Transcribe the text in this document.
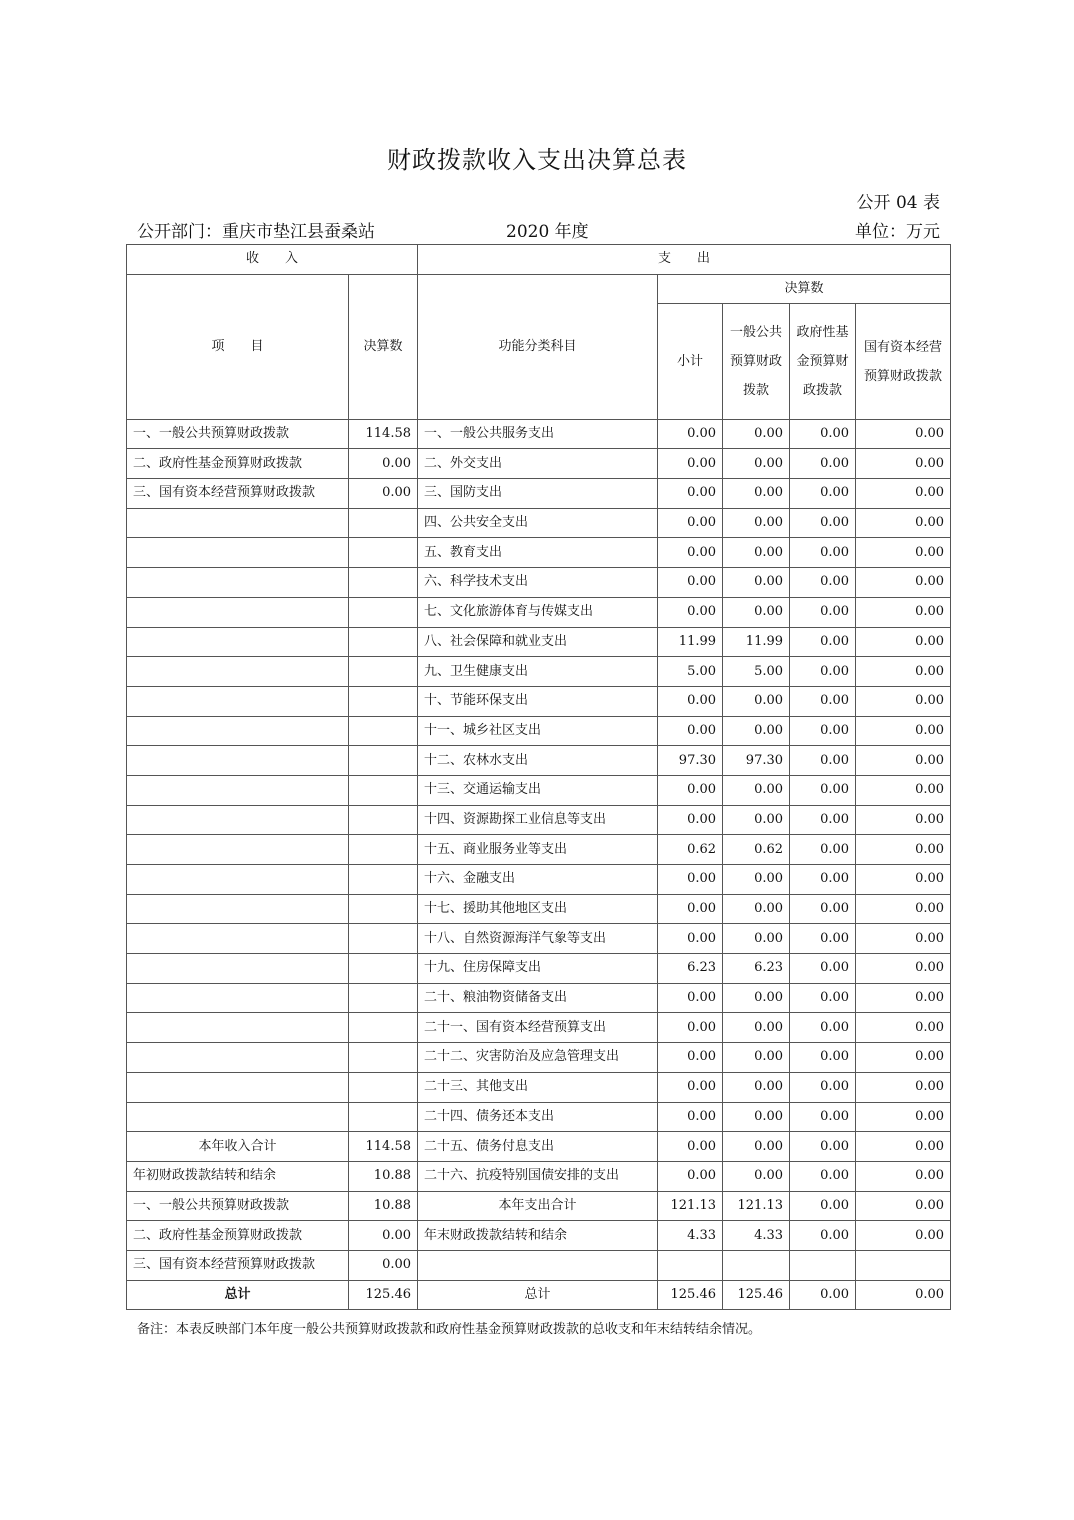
财政拨款收入支出决算总表
公开 04 表
公开部门：重庆市垫江县蚕桑站	2020 年度	单位：万元
收　　入		支　　出				
项　　目	决算数	功能分类科目	决算数			
			小计	一般公共预算财政拨款	政府性基金预算财政拨款	国有资本经营预算财政拨款
一、一般公共预算财政拨款	114.58	一、一般公共服务支出	0.00	0.00	0.00	0.00
二、政府性基金预算财政拨款	0.00	二、外交支出	0.00	0.00	0.00	0.00
三、国有资本经营预算财政拨款	0.00	三、国防支出	0.00	0.00	0.00	0.00
		四、公共安全支出	0.00	0.00	0.00	0.00
		五、教育支出	0.00	0.00	0.00	0.00
		六、科学技术支出	0.00	0.00	0.00	0.00
		七、文化旅游体育与传媒支出	0.00	0.00	0.00	0.00
		八、社会保障和就业支出	11.99	11.99	0.00	0.00
		九、卫生健康支出	5.00	5.00	0.00	0.00
		十、节能环保支出	0.00	0.00	0.00	0.00
		十一、城乡社区支出	0.00	0.00	0.00	0.00
		十二、农林水支出	97.30	97.30	0.00	0.00
		十三、交通运输支出	0.00	0.00	0.00	0.00
		十四、资源勘探工业信息等支出	0.00	0.00	0.00	0.00
		十五、商业服务业等支出	0.62	0.62	0.00	0.00
		十六、金融支出	0.00	0.00	0.00	0.00
		十七、援助其他地区支出	0.00	0.00	0.00	0.00
		十八、自然资源海洋气象等支出	0.00	0.00	0.00	0.00
		十九、住房保障支出	6.23	6.23	0.00	0.00
		二十、粮油物资储备支出	0.00	0.00	0.00	0.00
		二十一、国有资本经营预算支出	0.00	0.00	0.00	0.00
		二十二、灾害防治及应急管理支出	0.00	0.00	0.00	0.00
		二十三、其他支出	0.00	0.00	0.00	0.00
		二十四、债务还本支出	0.00	0.00	0.00	0.00
本年收入合计	114.58	二十五、债务付息支出	0.00	0.00	0.00	0.00
年初财政拨款结转和结余	10.88	二十六、抗疫特别国债安排的支出	0.00	0.00	0.00	0.00
一、一般公共预算财政拨款	10.88	本年支出合计	121.13	121.13	0.00	0.00
二、政府性基金预算财政拨款	0.00	年末财政拨款结转和结余	4.33	4.33	0.00	0.00
三、国有资本经营预算财政拨款	0.00					
总计	125.46	总计	125.46	125.46	0.00	0.00
备注：本表反映部门本年度一般公共预算财政拨款和政府性基金预算财政拨款的总收支和年末结转结余情况。
